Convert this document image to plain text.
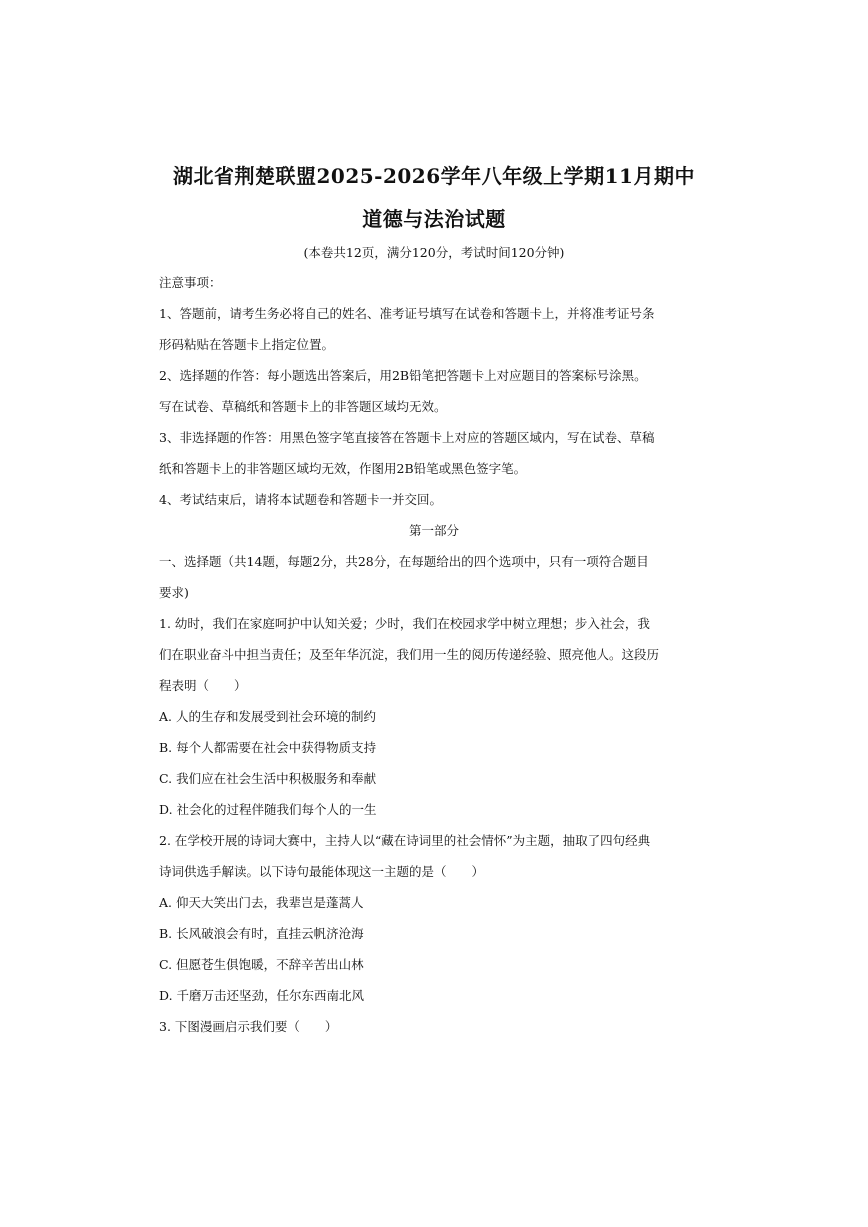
湖北省荆楚联盟2025-2026学年八年级上学期11月期中
道德与法治试题
(本卷共12页，满分120分，考试时间120分钟)
注意事项：
1、答题前，请考生务必将自己的姓名、准考证号填写在试卷和答题卡上，并将准考证号条
形码粘贴在答题卡上指定位置。
2、选择题的作答：每小题选出答案后，用2B铅笔把答题卡上对应题目的答案标号涂黑。
写在试卷、草稿纸和答题卡上的非答题区域均无效。
3、非选择题的作答：用黑色签字笔直接答在答题卡上对应的答题区域内，写在试卷、草稿
纸和答题卡上的非答题区域均无效，作图用2B铅笔或黑色签字笔。
4、考试结束后，请将本试题卷和答题卡一并交回。
第一部分
一、选择题（共14题，每题2分，共28分，在每题给出的四个选项中，只有一项符合题目
要求)
1. 幼时，我们在家庭呵护中认知关爱；少时，我们在校园求学中树立理想；步入社会，我
们在职业奋斗中担当责任；及至年华沉淀，我们用一生的阅历传递经验、照亮他人。这段历
程表明（　　）
A. 人的生存和发展受到社会环境的制约
B. 每个人都需要在社会中获得物质支持
C. 我们应在社会生活中积极服务和奉献
D. 社会化的过程伴随我们每个人的一生
2. 在学校开展的诗词大赛中，主持人以“藏在诗词里的社会情怀”为主题，抽取了四句经典
诗词供选手解读。以下诗句最能体现这一主题的是（　　）
A. 仰天大笑出门去，我辈岂是蓬蒿人
B. 长风破浪会有时，直挂云帆济沧海
C. 但愿苍生俱饱暖，不辞辛苦出山林
D. 千磨万击还坚劲，任尔东西南北风
3. 下图漫画启示我们要（　　）
